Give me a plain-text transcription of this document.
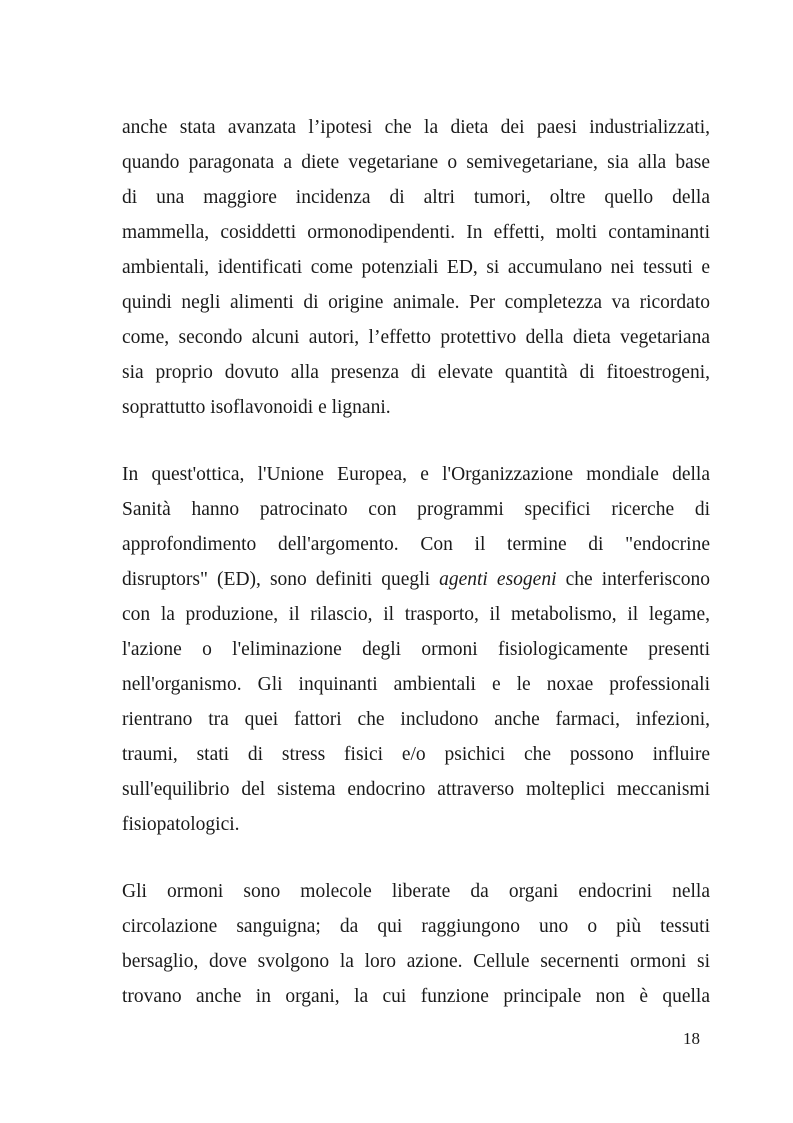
anche stata avanzata l’ipotesi che la dieta dei paesi industrializzati,
quando paragonata a diete vegetariane o semivegetariane, sia alla base
di una maggiore incidenza di altri tumori, oltre quello della
mammella, cosiddetti ormonodipendenti. In effetti, molti contaminanti
ambientali, identificati come potenziali ED, si accumulano nei tessuti e
quindi negli alimenti di origine animale. Per completezza va ricordato
come, secondo alcuni autori, l’effetto protettivo della dieta vegetariana
sia proprio dovuto alla presenza di elevate quantità di fitoestrogeni,
soprattutto isoflavonoidi e lignani.
In quest'ottica, l'Unione Europea, e l'Organizzazione mondiale della
Sanità hanno patrocinato con programmi specifici ricerche di
approfondimento dell'argomento. Con il termine di "endocrine
disruptors" (ED), sono definiti quegli agenti esogeni che interferiscono
con la produzione, il rilascio, il trasporto, il metabolismo, il legame,
l'azione o l'eliminazione degli ormoni fisiologicamente presenti
nell'organismo. Gli inquinanti ambientali e le noxae professionali
rientrano tra quei fattori che includono anche farmaci, infezioni,
traumi, stati di stress fisici e/o psichici che possono influire
sull'equilibrio del sistema endocrino attraverso molteplici meccanismi
fisiopatologici.
Gli ormoni sono molecole liberate da organi endocrini nella
circolazione sanguigna; da qui raggiungono uno o più tessuti
bersaglio, dove svolgono la loro azione. Cellule secernenti ormoni si
trovano anche in organi, la cui funzione principale non è quella
18
